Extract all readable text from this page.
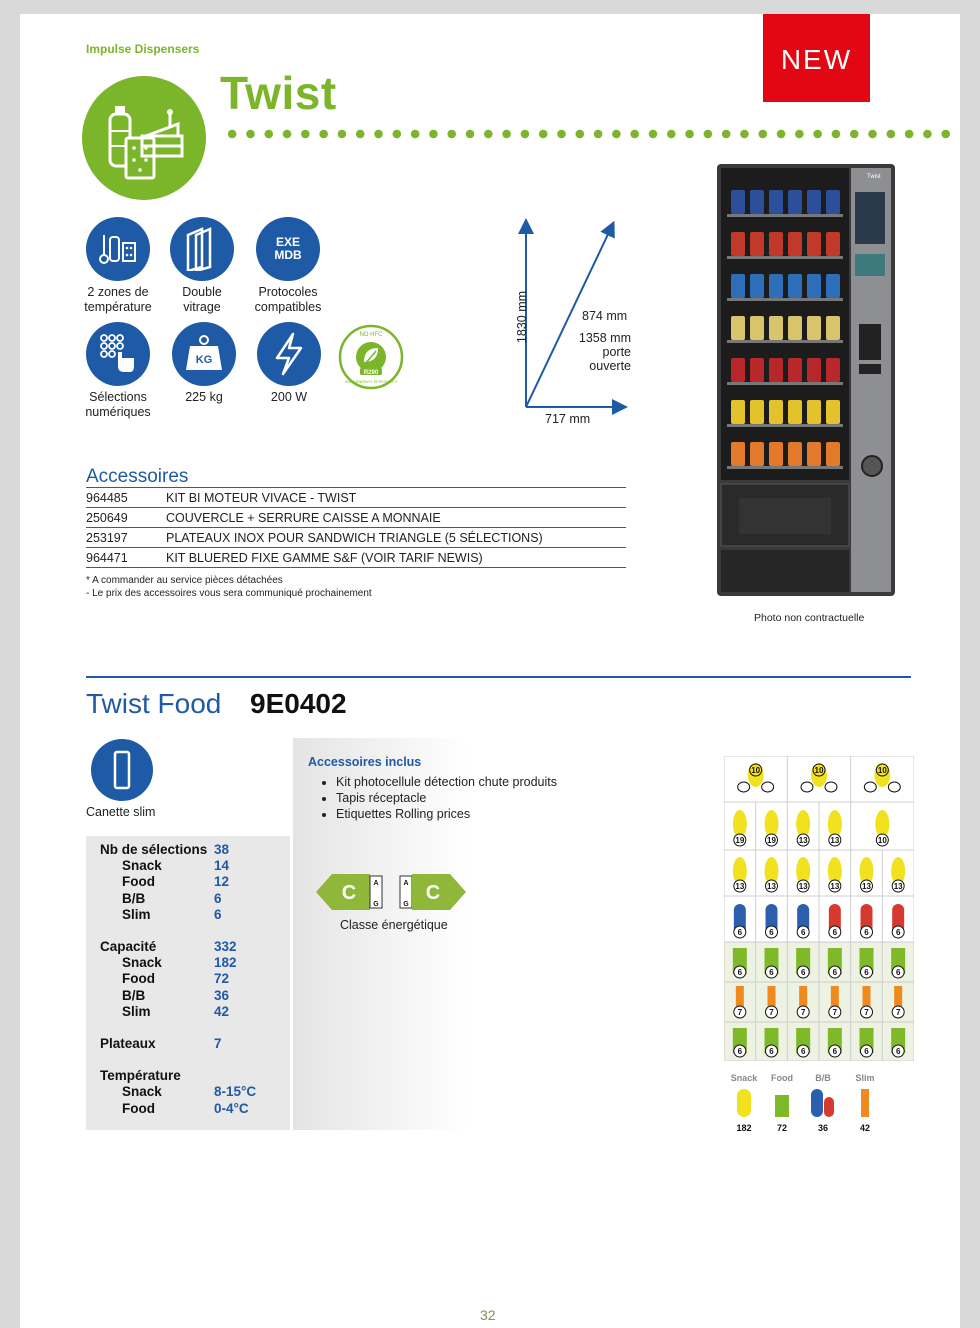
Impulse Dispensers
Twist
NEW
2 zones de
température
Double
vitrage
EXE
MDB
Protocoles
compatibles
Sélections
numériques
KG
225 kg	200 W
NO HFC
R290
HIGH ENERGY EFFICIENCY
1830 mm	874 mm
1358 mm
porte ouverte
717 mm
Twist
Photo non contractuelle
Accessoires
964485	KIT BI MOTEUR VIVACE - TWIST
250649	COUVERCLE + SERRURE CAISSE A MONNAIE
253197	PLATEAUX INOX POUR SANDWICH TRIANGLE (5 SÉLECTIONS)
964471	KIT BLUERED FIXE GAMME S&F (VOIR TARIF NEWIS)
* A commander au service pièces détachées
- Le prix des accessoires vous sera communiqué prochainement
Twist Food 9E0402
Canette slim
Nb de sélections 38
Snack	14
Food	12
B/B	6
Slim	6
Capacité	332
Snack	182
Food	72
B/B	36
Slim	42
Plateaux	7
Température
Snack	8-15°C
Food	0-4°C
Accessoires inclus
• Kit photocellule détection chute produits
• Tapis réceptacle
• Etiquettes Rolling prices
C A
G
A
G
C
Classe énergétique
10	10	10
19	19	13	13	10
13	13	13	13	13	13
6	6	6	6	6	6
6	6	6	6	6	6
7	7	7	7	7	7
6	6	6	6	6	6
Snack
182
Food
72
B/B
36
Slim
42
32
